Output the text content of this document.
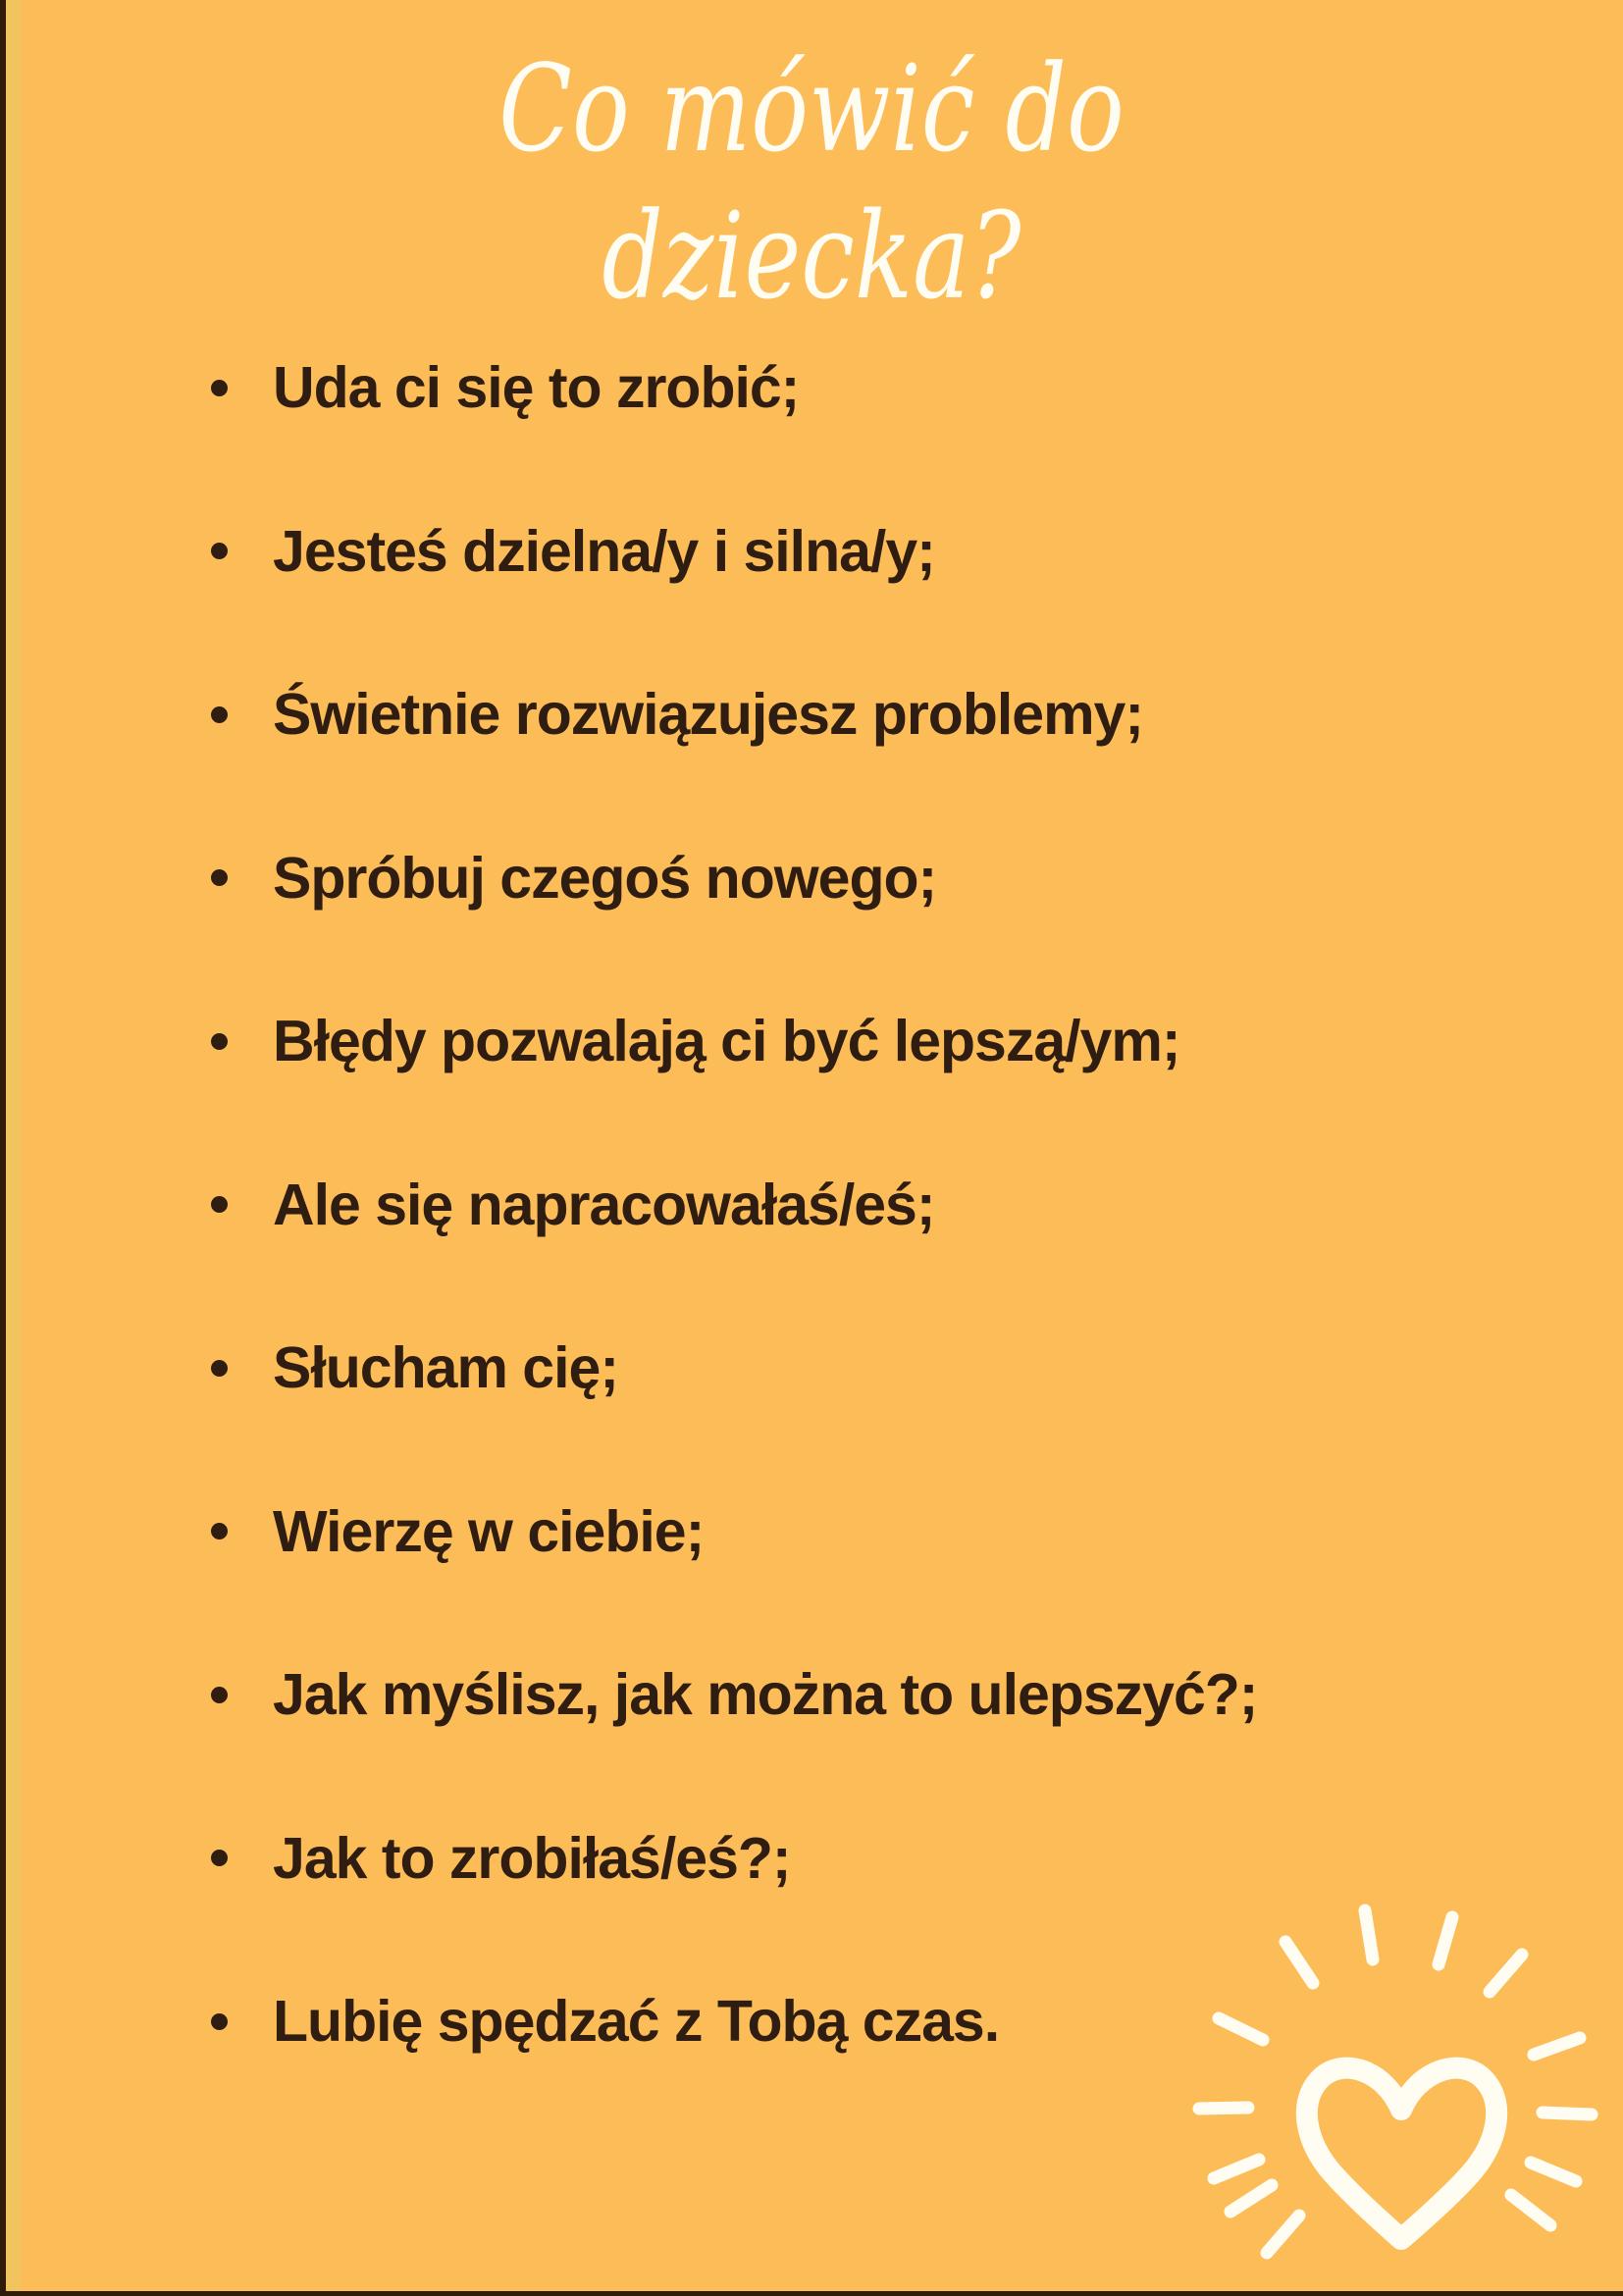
Co mówić do
dziecka?
Uda ci się to zrobić;
Jesteś dzielna/y i silna/y;
Świetnie rozwiązujesz problemy;
Spróbuj czegoś nowego;
Błędy pozwalają ci być lepszą/ym;
Ale się napracowałaś/eś;
Słucham cię;
Wierzę w ciebie;
Jak myślisz, jak można to ulepszyć?;
Jak to zrobiłaś/eś?;
Lubię spędzać z Tobą czas.
